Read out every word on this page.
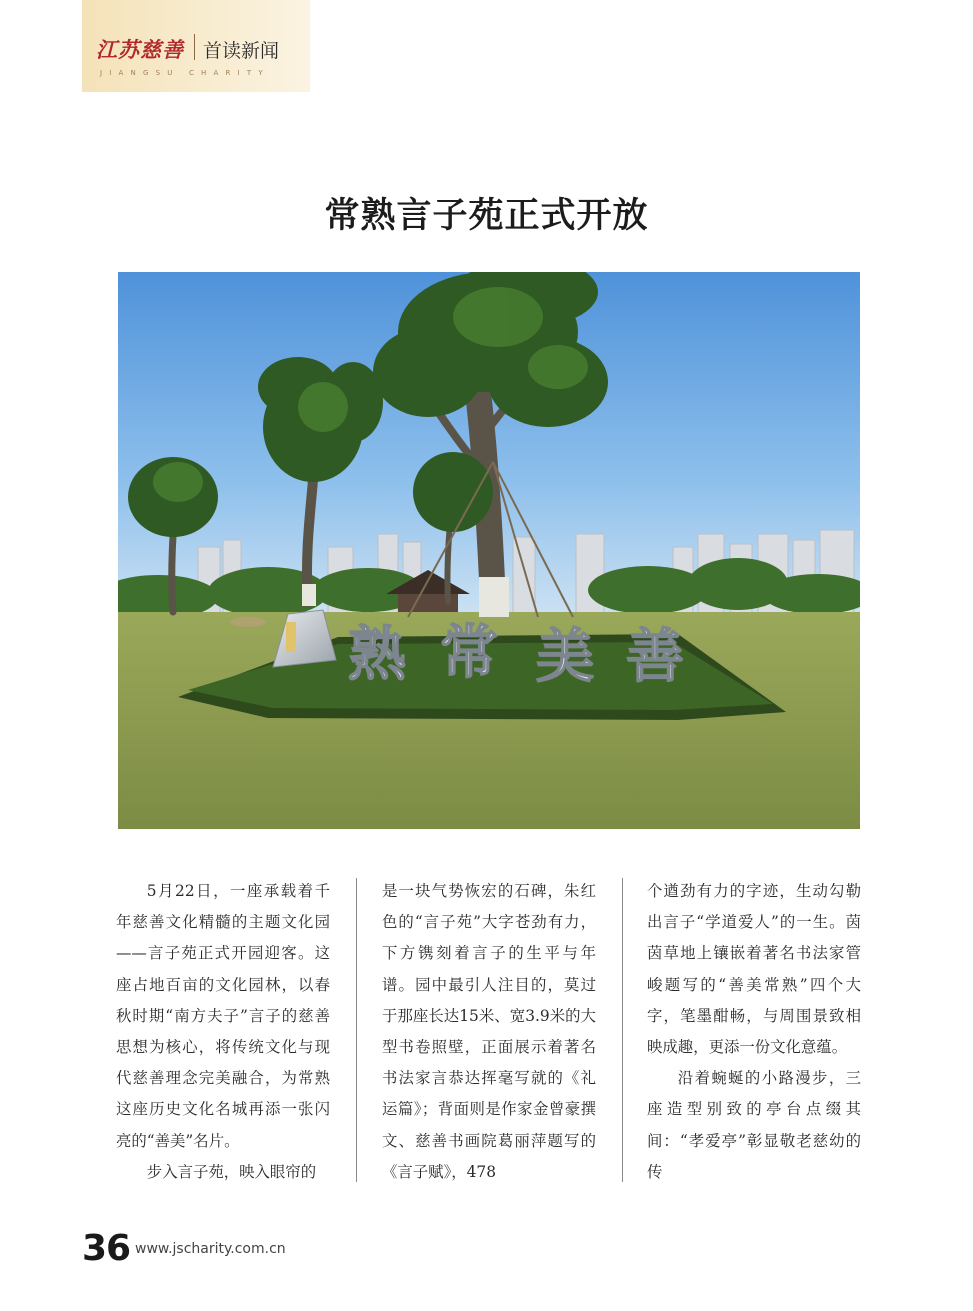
江苏慈善 首读新闻
JIANGSU CHARITY
常熟言子苑正式开放
熟 常 美 善

5月22日，一座承载着千年慈善文化精髓的主题文化园——言子苑正式开园迎客。这座占地百亩的文化园林，以春秋时期“南方夫子”言子的慈善思想为核心，将传统文化与现代慈善理念完美融合，为常熟这座历史文化名城再添一张闪亮的“善美”名片。

步入言子苑，映入眼帘的

是一块气势恢宏的石碑，朱红色的“言子苑”大字苍劲有力，下方镌刻着言子的生平与年谱。园中最引人注目的，莫过于那座长达15米、宽3.9米的大型书卷照壁，正面展示着著名书法家言恭达挥毫写就的《礼运篇》；背面则是作家金曾豪撰文、慈善书画院葛丽萍题写的《言子赋》，478

个遒劲有力的字迹，生动勾勒出言子“学道爱人”的一生。茵茵草地上镶嵌着著名书法家管峻题写的“善美常熟”四个大字，笔墨酣畅，与周围景致相映成趣，更添一份文化意蕴。

沿着蜿蜒的小路漫步，三座造型别致的亭台点缀其间：“孝爱亭”彰显敬老慈幼的传

36 www.jscharity.com.cn
